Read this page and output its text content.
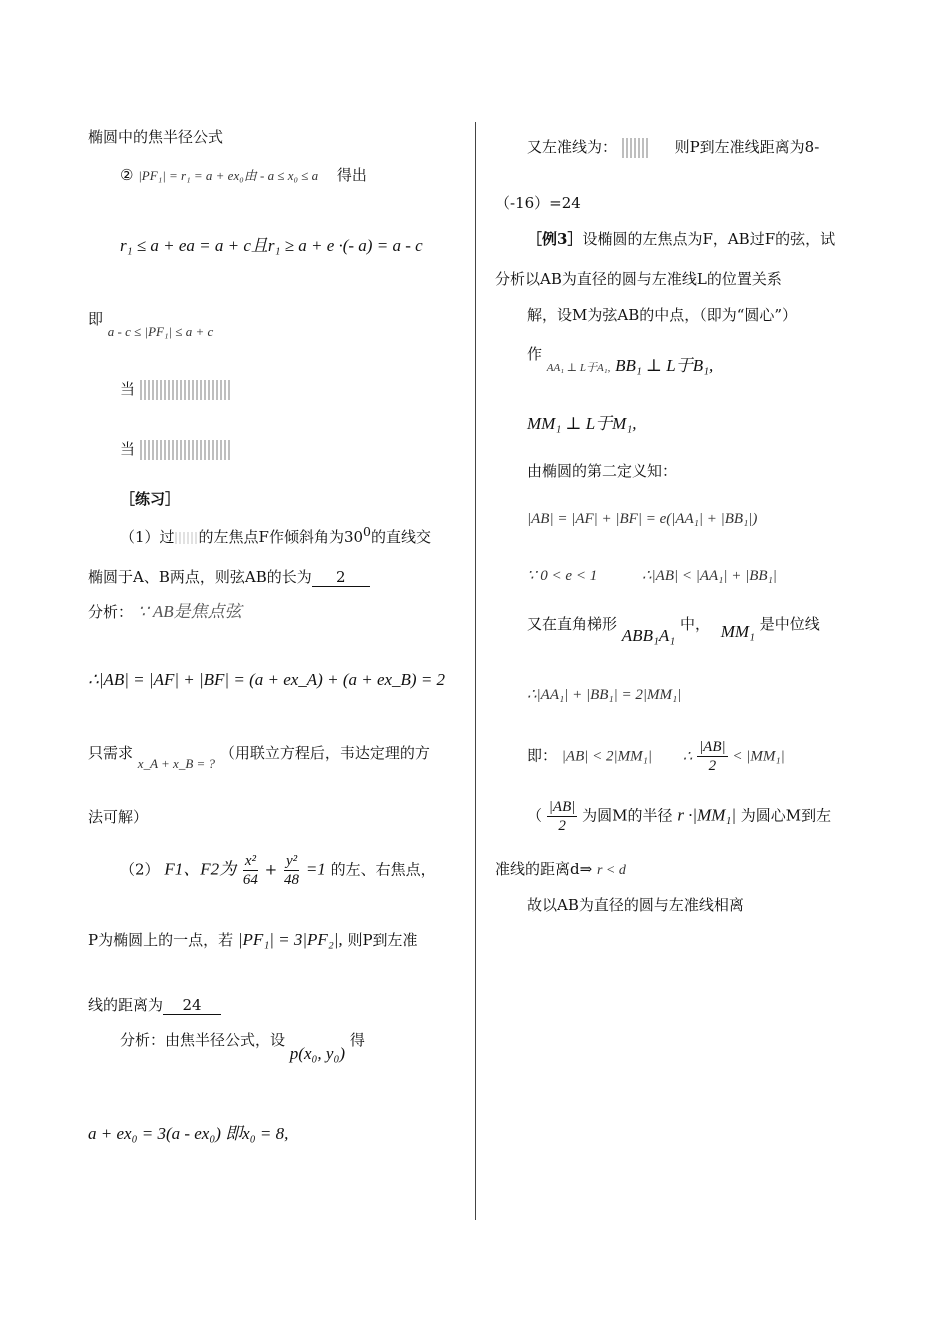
椭圆中的焦半径公式
② |PF₁| = r₁ = a + ex₀由 - a ≤ x₀ ≤ a 得出
r₁ ≤ a + ea = a + c且r₁ ≥ a + e ·(- a) = a - c
即 a - c ≤ |PF₁| ≤ a + c
当
当
［练习］
（1）过 的左焦点F作倾斜角为$30^0$的直线交
椭圆于A、B两点，则弦AB的长为 2
分析： ∵ AB是焦点弦
∴|AB| = |AF| + |BF| = (a + ex_A) + (a + ex_B) = 2
只需求 x_A + x_B = ? （用联立方程后，韦达定理的方
法可解）
（2） F1、F2为 $\frac{\text{x²}}{64} + \frac{\text{y²}}{48} =1$ 的左、右焦点，
P为椭圆上的一点，若 |PF₁| = 3|PF₂|, 则P到左准
线的距离为 24
分析：由焦半径公式，设 p(x₀, y₀) 得
a + ex₀ = 3(a - ex₀) 即x₀ = 8,
又左准线为：	则P到左准线距离为8-
（-16）=24
［例3］设椭圆的左焦点为F，AB过F的弦，试
分析以AB为直径的圆与左准线L的位置关系
解，设M为弦AB的中点，（即为“圆心”）
作 $_{AA_1 \perp L于A_1,}$ BB₁ ⊥ L于B₁,
MM₁ ⊥ L于M₁,
由椭圆的第二定义知：
|AB| = |AF| + |BF| = e(|AA₁| + |BB₁|)
∵ 0 < e < 1	∴|AB| < |AA₁| + |BB₁|
又在直角梯形 ABB₁A₁ 中， MM₁ 是中位线
∴|AA₁| + |BB₁| = 2|MM₁|
即： |AB| < 2|MM₁| ∴ $\frac{|AB|}{2} < |MM_1|$
（ $\frac{|AB|}{2}$ 为圆M的半径 r ·|MM₁| 为圆心M到左
准线的距离d⇒ r < d
故以AB为直径的圆与左准线相离
